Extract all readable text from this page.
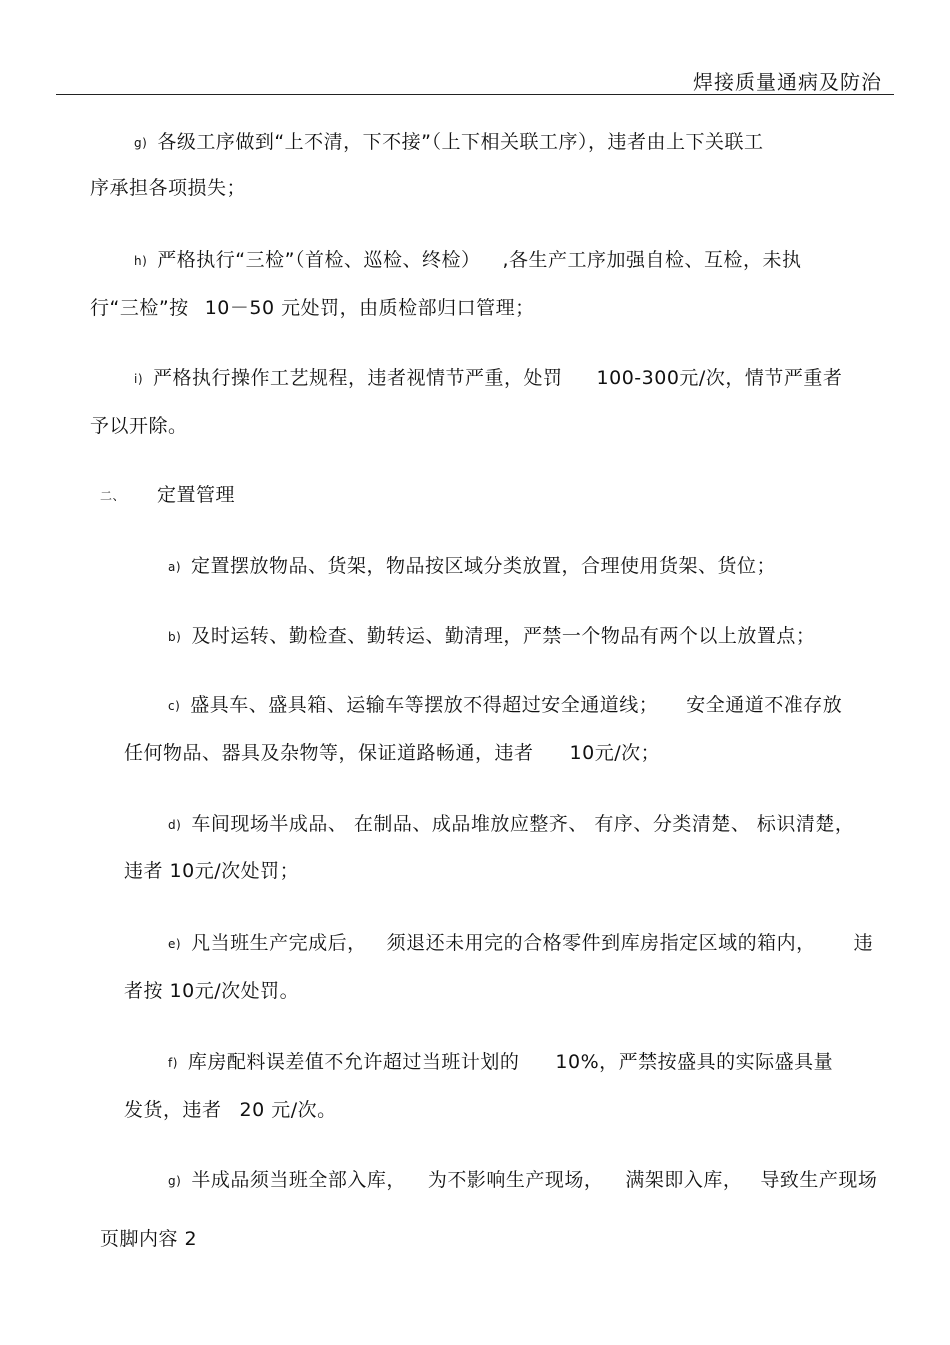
焊接质量通病及防治
g) 各级工序做到“上不清，下不接”（上下相关联工序），违者由上下关联工
序承担各项损失；
h) 严格执行“三检”（首检、巡检、终检） ,各生产工序加强自检、互检，未执
行“三检”按 10－50 元处罚，由质检部归口管理；
i) 严格执行操作工艺规程，违者视情节严重，处罚 100-300元/次，情节严重者
予以开除。
二、 定置管理
a) 定置摆放物品、货架，物品按区域分类放置，合理使用货架、货位；
b) 及时运转、勤检查、勤转运、勤清理，严禁一个物品有两个以上放置点；
c) 盛具车、盛具箱、运输车等摆放不得超过安全通道线； 安全通道不准存放
任何物品、器具及杂物等，保证道路畅通，违者 10元/次；
d) 车间现场半成品、 在制品、成品堆放应整齐、 有序、分类清楚、 标识清楚，
违者 10元/次处罚；
e) 凡当班生产完成后， 须退还未用完的合格零件到库房指定区域的箱内， 违
者按 10元/次处罚。
f) 库房配料误差值不允许超过当班计划的 10%，严禁按盛具的实际盛具量
发货，违者 20 元/次。
g) 半成品须当班全部入库， 为不影响生产现场， 满架即入库， 导致生产现场
页脚内容 2
